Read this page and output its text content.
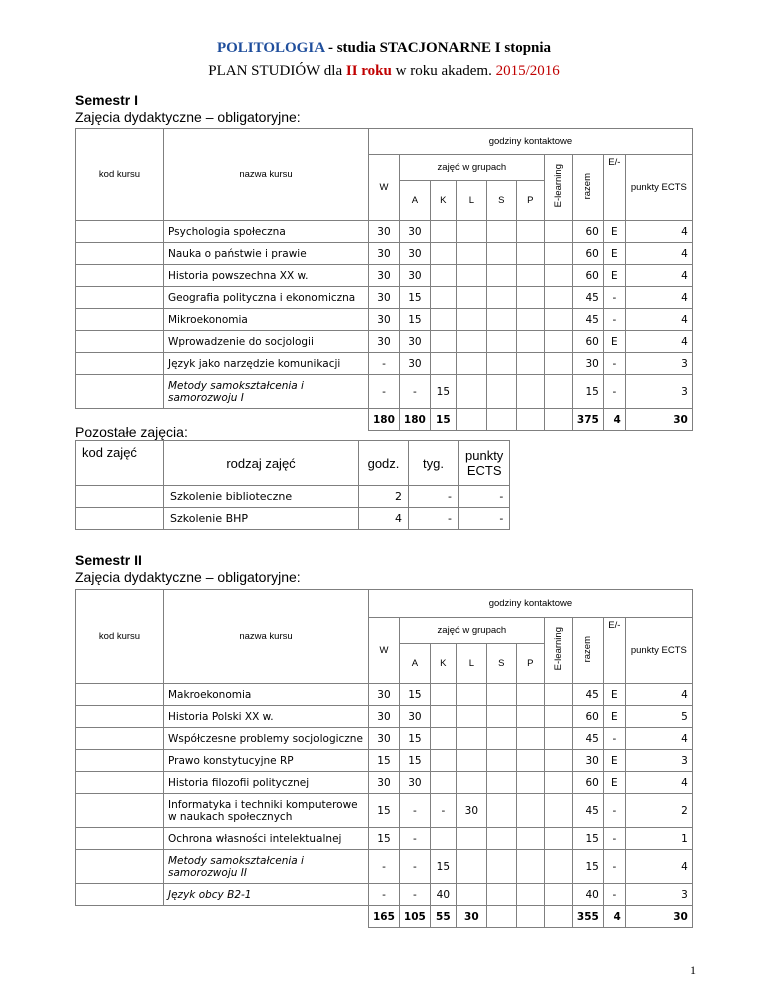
POLITOLOGIA - studia STACJONARNE I stopnia
PLAN STUDIÓW dla II roku w roku akadem. 2015/2016
Semestr I
Zajęcia dydaktyczne – obligatoryjne:
kod kursu	nazwa kursu	godziny kontaktowe									
		W	zajęć w grupach					E-learning	razem	E/-	punkty ECTS
			A	K	L	S	P				
	Psychologia społeczna	30	30						60	E	4
	Nauka o państwie i prawie	30	30						60	E	4
	Historia powszechna XX w.	30	30						60	E	4
	Geografia polityczna i ekonomiczna	30	15						45	-	4
	Mikroekonomia	30	15						45	-	4
	Wprowadzenie do socjologii	30	30						60	E	4
	Język jako narzędzie komunikacji	-	30						30	-	3
	Metody samokształcenia i samorozwoju I	-	-	15					15	-	3
		180	180	15					375	4	30
Pozostałe zajęcia:
kod zajęć	rodzaj zajęć	godz.	tyg.	punkty ECTS
	Szkolenie biblioteczne	2	-	-
	Szkolenie BHP	4	-	-
Semestr II
Zajęcia dydaktyczne – obligatoryjne:
kod kursu	nazwa kursu	godziny kontaktowe									
		W	zajęć w grupach					E-learning	razem	E/-	punkty ECTS
			A	K	L	S	P				
	Makroekonomia	30	15						45	E	4
	Historia Polski XX w.	30	30						60	E	5
	Współczesne problemy socjologiczne	30	15						45	-	4
	Prawo konstytucyjne RP	15	15						30	E	3
	Historia filozofii politycznej	30	30						60	E	4
	Informatyka i techniki komputerowe w naukach społecznych	15	-	-	30				45	-	2
	Ochrona własności intelektualnej	15	-						15	-	1
	Metody samokształcenia i samorozwoju II	-	-	15					15	-	4
	Język obcy B2-1	-	-	40					40	-	3
		165	105	55	30				355	4	30
1
